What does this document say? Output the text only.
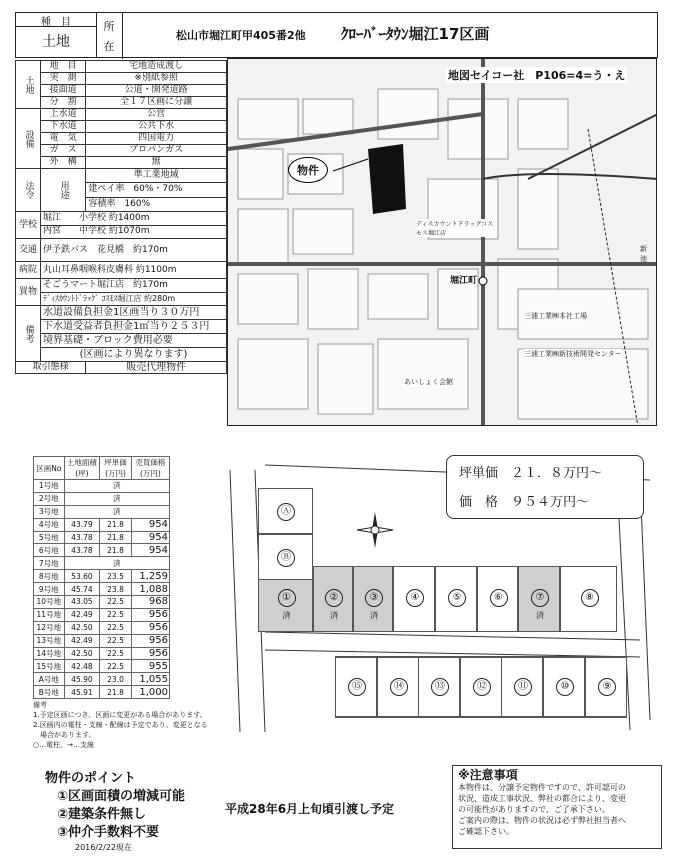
種　目
土地
所在
松山市堀江町甲405番2他 ｸﾛｰﾊﾞｰﾀｳﾝ堀江17区画
土地	地　目	宅地造成渡し
	実　測	※別紙参照
	接面道	公道・開発道路
	分　割	全１７区画に分譲
設備	上水道	公営
	下水道	公共下水
	電　気	四国電力
	ガ　ス	プロパンガス
	外　構	無
法令	用途	準工業地域
		建ペイ率　 60%・70%
		容積率　 160%
学校	堀江　　小学校 約1400m	
	内宮　　中学校 約1070m	
交通	伊予鉄バス　花見橋　約170m	
病院	丸山耳鼻咽喉科皮膚科 約1100m	
買物	そごうマート堀江店　約170m	
	ﾃﾞｨｽｶｳﾝﾄﾄﾞﾗｯｸﾞ ｺｽﾓｽ堀江店 約280m	
備考	水道設備負担金1区画当り３０万円	
	下水道受益者負担金1㎡当り２５３円	
	境界基礎・ブロック費用必要	
	(区画により異なります)	
取引態様		販売代理物件
地図セイコー社　P106=4=う・え
物件
堀江町
ディスカウントドラッグコスモス堀江店
三浦工業㈱本社工場
三浦工業㈱新技術開発センター
あいしょく会館
新池
区画No	土地面積(坪)	坪単価(万円)	売買価格(万円)
1号地	済		
2号地	済		
3号地	済		
4号地	43.79	21.8	954
5号地	43.78	21.8	954
6号地	43.78	21.8	954
7号地	済		
8号地	53.60	23.5	1,259
9号地	45.74	23.8	1,088
10号地	43.05	22.5	968
11号地	42.49	22.5	956
12号地	42.50	22.5	956
13号地	42.49	22.5	956
14号地	42.50	22.5	956
15号地	42.48	22.5	955
A号地	45.90	23.0	1,055
B号地	45.91	21.8	1,000
備考
1.予定区画につき、区画に変更がある場合があります。
2.区画内の電柱・支線・配線は予定であり、変更となる
　場合があります。
○…電柱、→…支線
坪単価　 ２１．８万円～
価　格　 ９５４万円～
①
済
②
済
③
済
④	⑤	⑥	⑦
済
⑧
⑮	⑭	⑬	⑫	⑪	⑩	⑨
Ⓐ
Ⓑ
物件のポイント
①区画面積の増減可能
②建築条件無し
③仲介手数料不要
2016/2/22現在
平成28年6月上旬頃引渡し予定
※注意事項
本物件は、分譲予定物件ですので、許可認可の
状況、造成工事状況、弊社の都合により、変更
の可能性がありますので、ご了承下さい。
ご案内の際は、物件の状況は必ず弊社担当者へ
ご確認下さい。
